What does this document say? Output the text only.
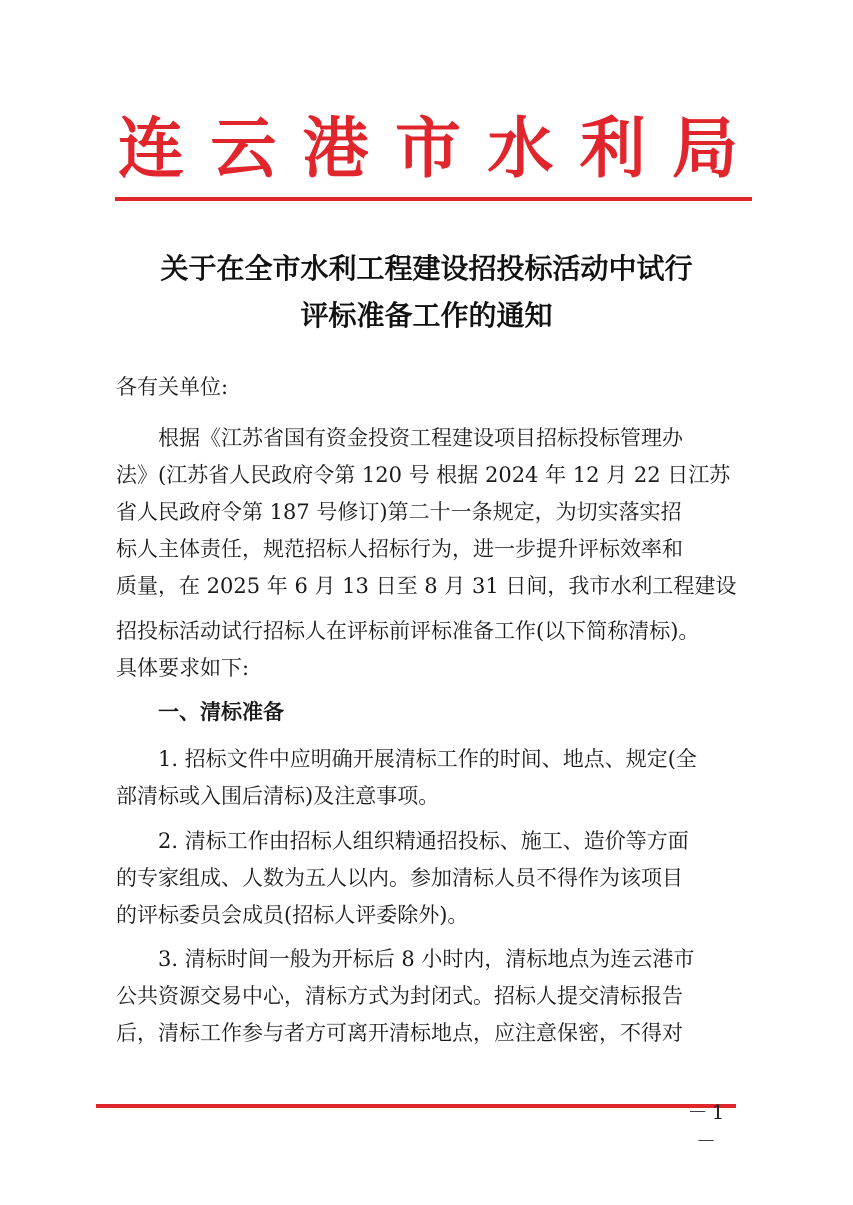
连 云 港 市 水 利 局
关于在全市水利工程建设招投标活动中试行
评标准备工作的通知
各有关单位:
　　根据《江苏省国有资金投资工程建设项目招标投标管理办
法》(江苏省人民政府令第 120 号 根据 2024 年 12 月 22 日江苏
省人民政府令第 187 号修订)第二十一条规定，为切实落实招
标人主体责任，规范招标人招标行为，进一步提升评标效率和
质量，在 2025 年 6 月 13 日至 8 月 31 日间，我市水利工程建设
招投标活动试行招标人在评标前评标准备工作(以下简称清标)。
具体要求如下:
　　一、清标准备
　　1. 招标文件中应明确开展清标工作的时间、地点、规定(全
部清标或入围后清标)及注意事项。
　　2. 清标工作由招标人组织精通招投标、施工、造价等方面
的专家组成、人数为五人以内。参加清标人员不得作为该项目
的评标委员会成员(招标人评委除外)。
　　3. 清标时间一般为开标后 8 小时内，清标地点为连云港市
公共资源交易中心，清标方式为封闭式。招标人提交清标报告
后，清标工作参与者方可离开清标地点，应注意保密，不得对
－1－
